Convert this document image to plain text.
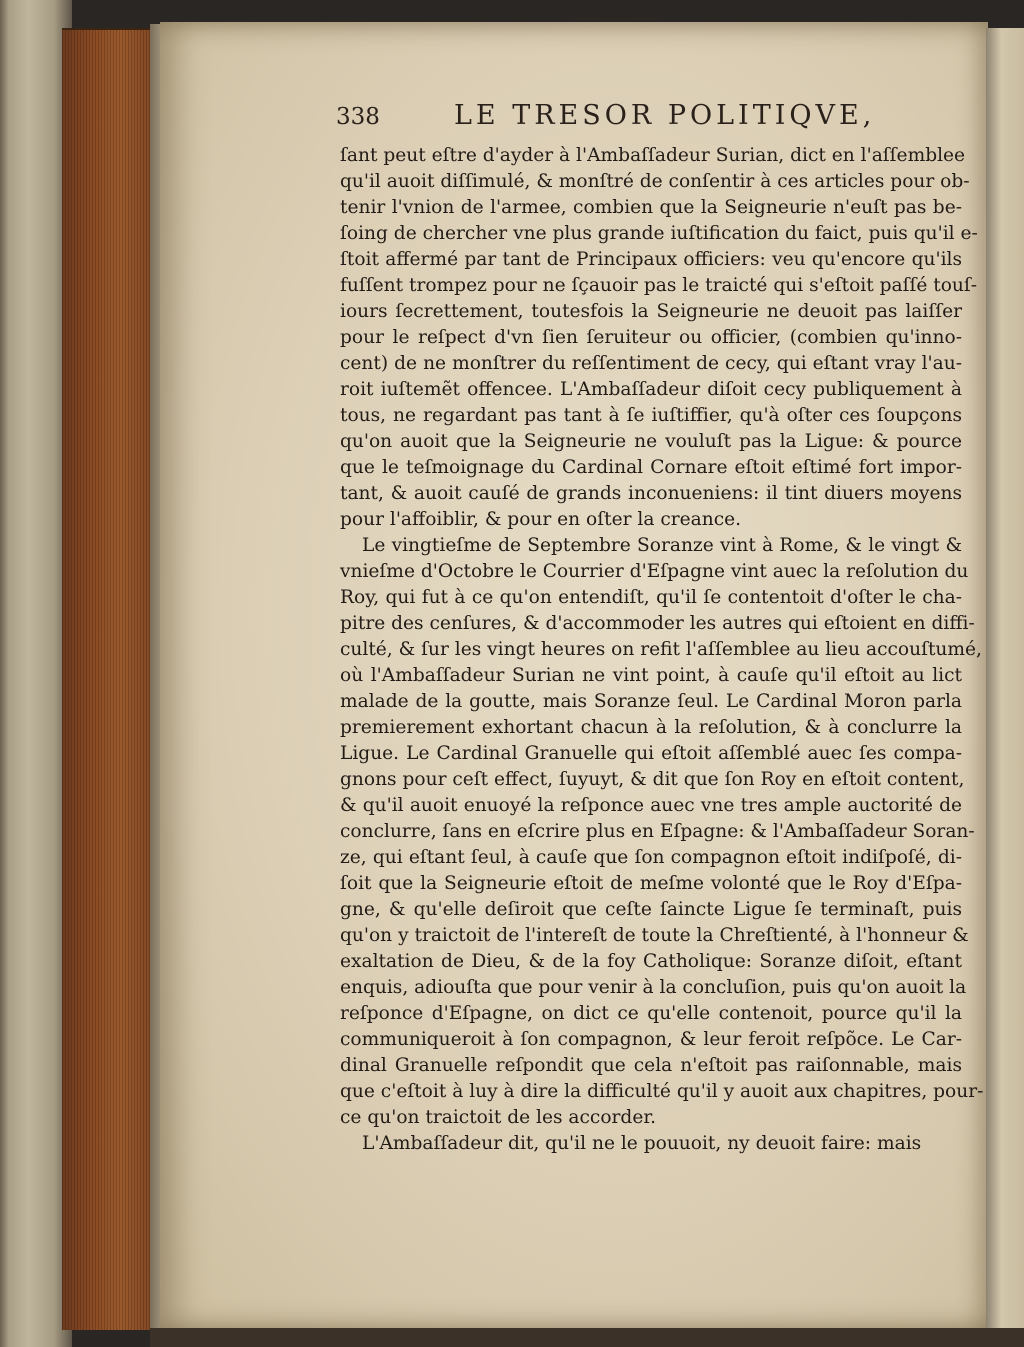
338	LE TRESOR POLITIQVE,
ſant peut eſtre d'ayder à l'Ambaſſadeur Surian, dict en l'aſſemblee
qu'il auoit diſſimulé, & monſtré de conſentir à ces articles pour ob-
tenir l'vnion de l'armee, combien que la Seigneurie n'euſt pas be-
ſoing de chercher vne plus grande iuſtification du faict, puis qu'il e-
ſtoit affermé par tant de Principaux officiers: veu qu'encore qu'ils
fuſſent trompez pour ne ſçauoir pas le traicté qui s'eſtoit paſſé touſ-
iours ſecrettement, toutesfois la Seigneurie ne deuoit pas laiſſer
pour le reſpect d'vn ſien ſeruiteur ou officier, (combien qu'inno-
cent) de ne monſtrer du reſſentiment de cecy, qui eſtant vray l'au-
roit iuſtemẽt offencee. L'Ambaſſadeur diſoit cecy publiquement à
tous, ne regardant pas tant à ſe iuſtiffier, qu'à oſter ces ſoupçons
qu'on auoit que la Seigneurie ne vouluſt pas la Ligue: & pource
que le teſmoignage du Cardinal Cornare eſtoit eſtimé fort impor-
tant, & auoit cauſé de grands inconueniens: il tint diuers moyens
pour l'affoiblir, & pour en oſter la creance.
Le vingtieſme de Septembre Soranze vint à Rome, & le vingt &
vnieſme d'Octobre le Courrier d'Eſpagne vint auec la reſolution du
Roy, qui fut à ce qu'on entendiſt, qu'il ſe contentoit d'oſter le cha-
pitre des cenſures, & d'accommoder les autres qui eſtoient en diffi-
culté, & ſur les vingt heures on refit l'aſſemblee au lieu accouſtumé,
où l'Ambaſſadeur Surian ne vint point, à cauſe qu'il eſtoit au lict
malade de la goutte, mais Soranze ſeul. Le Cardinal Moron parla
premierement exhortant chacun à la reſolution, & à conclurre la
Ligue. Le Cardinal Granuelle qui eſtoit aſſemblé auec ſes compa-
gnons pour ceſt effect, ſuyuyt, & dit que ſon Roy en eſtoit content,
& qu'il auoit enuoyé la reſponce auec vne tres ample auctorité de
conclurre, ſans en eſcrire plus en Eſpagne: & l'Ambaſſadeur Soran-
ze, qui eſtant ſeul, à cauſe que ſon compagnon eſtoit indiſpoſé, di-
ſoit que la Seigneurie eſtoit de meſme volonté que le Roy d'Eſpa-
gne, & qu'elle deſiroit que ceſte ſaincte Ligue ſe terminaſt, puis
qu'on y traictoit de l'intereſt de toute la Chreſtienté, à l'honneur &
exaltation de Dieu, & de la foy Catholique: Soranze diſoit, eſtant
enquis, adiouſta que pour venir à la concluſion, puis qu'on auoit la
reſponce d'Eſpagne, on dict ce qu'elle contenoit, pource qu'il la
communiqueroit à ſon compagnon, & leur feroit reſpõce. Le Car-
dinal Granuelle reſpondit que cela n'eſtoit pas raiſonnable, mais
que c'eſtoit à luy à dire la difficulté qu'il y auoit aux chapitres, pour-
ce qu'on traictoit de les accorder.
L'Ambaſſadeur dit, qu'il ne le pouuoit, ny deuoit faire: mais
